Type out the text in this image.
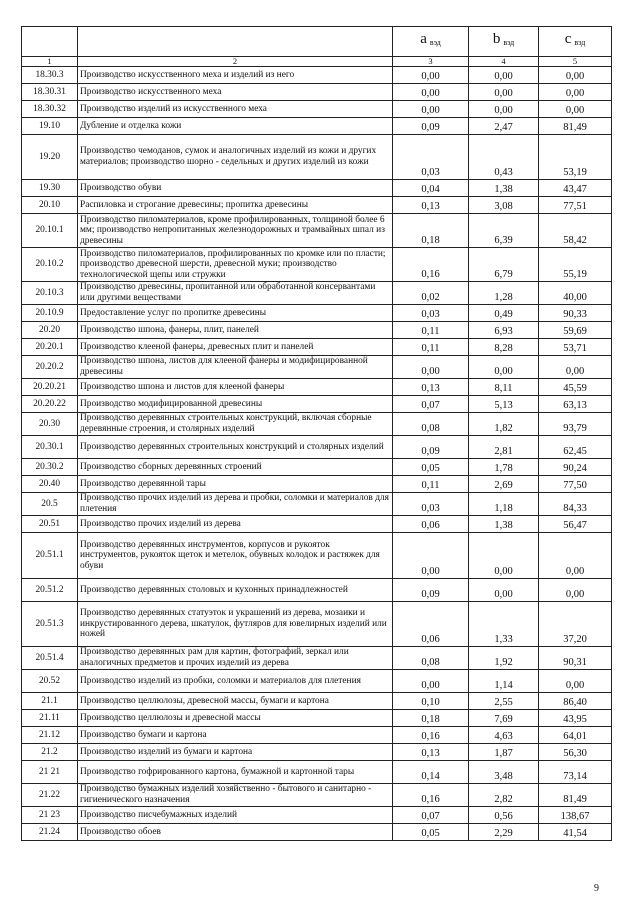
		a $_{вэд}$	b $_{вэд}$	c $_{вэд}$
1	2	3	4	5
18.30.3	Производство искусственного меха и изделий из него	0,00	0,00	0,00
18.30.31	Производство искусственного меха	0,00	0,00	0,00
18.30.32	Производство изделий из искусственного меха	0,00	0,00	0,00
19.10	Дубление и отделка кожи	0,09	2,47	81,49
19.20	Производство чемоданов, сумок и аналогичных изделий из кожи и других материалов; производство шорно - седельных и других изделий из кожи	0,03	0,43	53,19
19.30	Производство обуви	0,04	1,38	43,47
20.10	Распиловка и строгание древесины; пропитка древесины	0,13	3,08	77,51
20.10.1	Производство пиломатериалов, кроме профилированных, толщиной более 6 мм; производство непропитанных железнодорожных и трамвайных шпал из древесины	0,18	6,39	58,42
20.10.2	Производство пиломатериалов, профилированных по кромке или по пласти; производство древесной шерсти, древесной муки; производство технологической щепы или стружки	0,16	6,79	55,19
20.10.3	Производство древесины, пропитанной или обработанной консервантами или другими веществами	0,02	1,28	40,00
20.10.9	Предоставление услуг по пропитке древесины	0,03	0,49	90,33
20.20	Производство шпона, фанеры, плит, панелей	0,11	6,93	59,69
20.20.1	Производство клееной фанеры, древесных плит и панелей	0,11	8,28	53,71
20.20.2	Производство шпона, листов для клееной фанеры и модифицированной древесины	0,00	0,00	0,00
20.20.21	Производство шпона и листов для клееной фанеры	0,13	8,11	45,59
20.20.22	Производство модифицированной древесины	0,07	5,13	63,13
20.30	Производство деревянных строительных конструкций, включая сборные деревянные строения, и столярных изделий	0,08	1,82	93,79
20.30.1	Производство деревянных строительных конструкций и столярных изделий	0,09	2,81	62,45
20.30.2	Производство сборных деревянных строений	0,05	1,78	90,24
20.40	Производство деревянной тары	0,11	2,69	77,50
20.5	Производство прочих изделий из дерева и пробки, соломки и материалов для плетения	0,03	1,18	84,33
20.51	Производство прочих изделий из дерева	0,06	1,38	56,47
20.51.1	Производство деревянных инструментов, корпусов и рукояток инструментов, рукояток щеток и метелок, обувных колодок и растяжек для обуви	0,00	0,00	0,00
20.51.2	Производство деревянных столовых и кухонных принадлежностей	0,09	0,00	0,00
20.51.3	Производство деревянных статуэток и украшений из дерева, мозаики и инкрустированного дерева, шкатулок, футляров для ювелирных изделий или ножей	0,06	1,33	37,20
20.51.4	Производство деревянных рам для картин, фотографий, зеркал или аналогичных предметов и прочих изделий из дерева	0,08	1,92	90,31
20.52	Производство изделий из пробки, соломки и материалов для плетения	0,00	1,14	0,00
21.1	Производство целлюлозы, древесной массы, бумаги и картона	0,10	2,55	86,40
21.11	Производство целлюлозы и древесной массы	0,18	7,69	43,95
21.12	Производство бумаги и картона	0,16	4,63	64,01
21.2	Производство изделий из бумаги и картона	0,13	1,87	56,30
21 21	Производство гофрированного картона, бумажной и картонной тары	0,14	3,48	73,14
21.22	Производство бумажных изделий хозяйственно - бытового и санитарно - гигиенического назначения	0,16	2,82	81,49
21 23	Производство писчебумажных изделий	0,07	0,56	138,67
21.24	Производство обоев	0,05	2,29	41,54
9
